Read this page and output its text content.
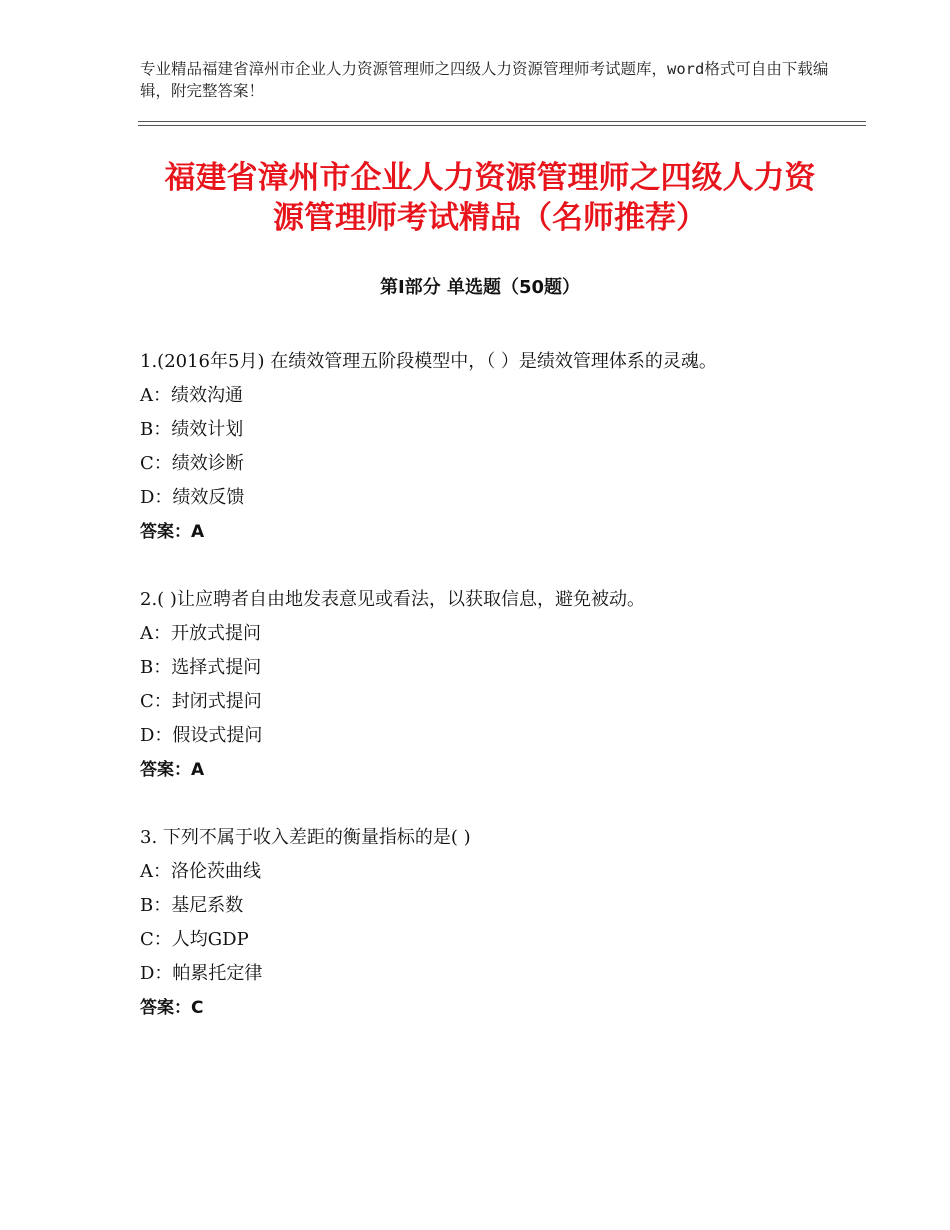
专业精品福建省漳州市企业人力资源管理师之四级人力资源管理师考试题库，word格式可自由下载编辑，附完整答案！
福建省漳州市企业人力资源管理师之四级人力资源管理师考试精品（名师推荐）
第Ⅰ部分 单选题（50题）

1.(2016年5月) 在绩效管理五阶段模型中，（ ）是绩效管理体系的灵魂。

A：绩效沟通

B：绩效计划

C：绩效诊断

D：绩效反馈

答案：A

2.( )让应聘者自由地发表意见或看法，以获取信息，避免被动。

A：开放式提问

B：选择式提问

C：封闭式提问

D：假设式提问

答案：A

3. 下列不属于收入差距的衡量指标的是( )

A：洛伦茨曲线

B：基尼系数

C：人均GDP

D：帕累托定律

答案：C
